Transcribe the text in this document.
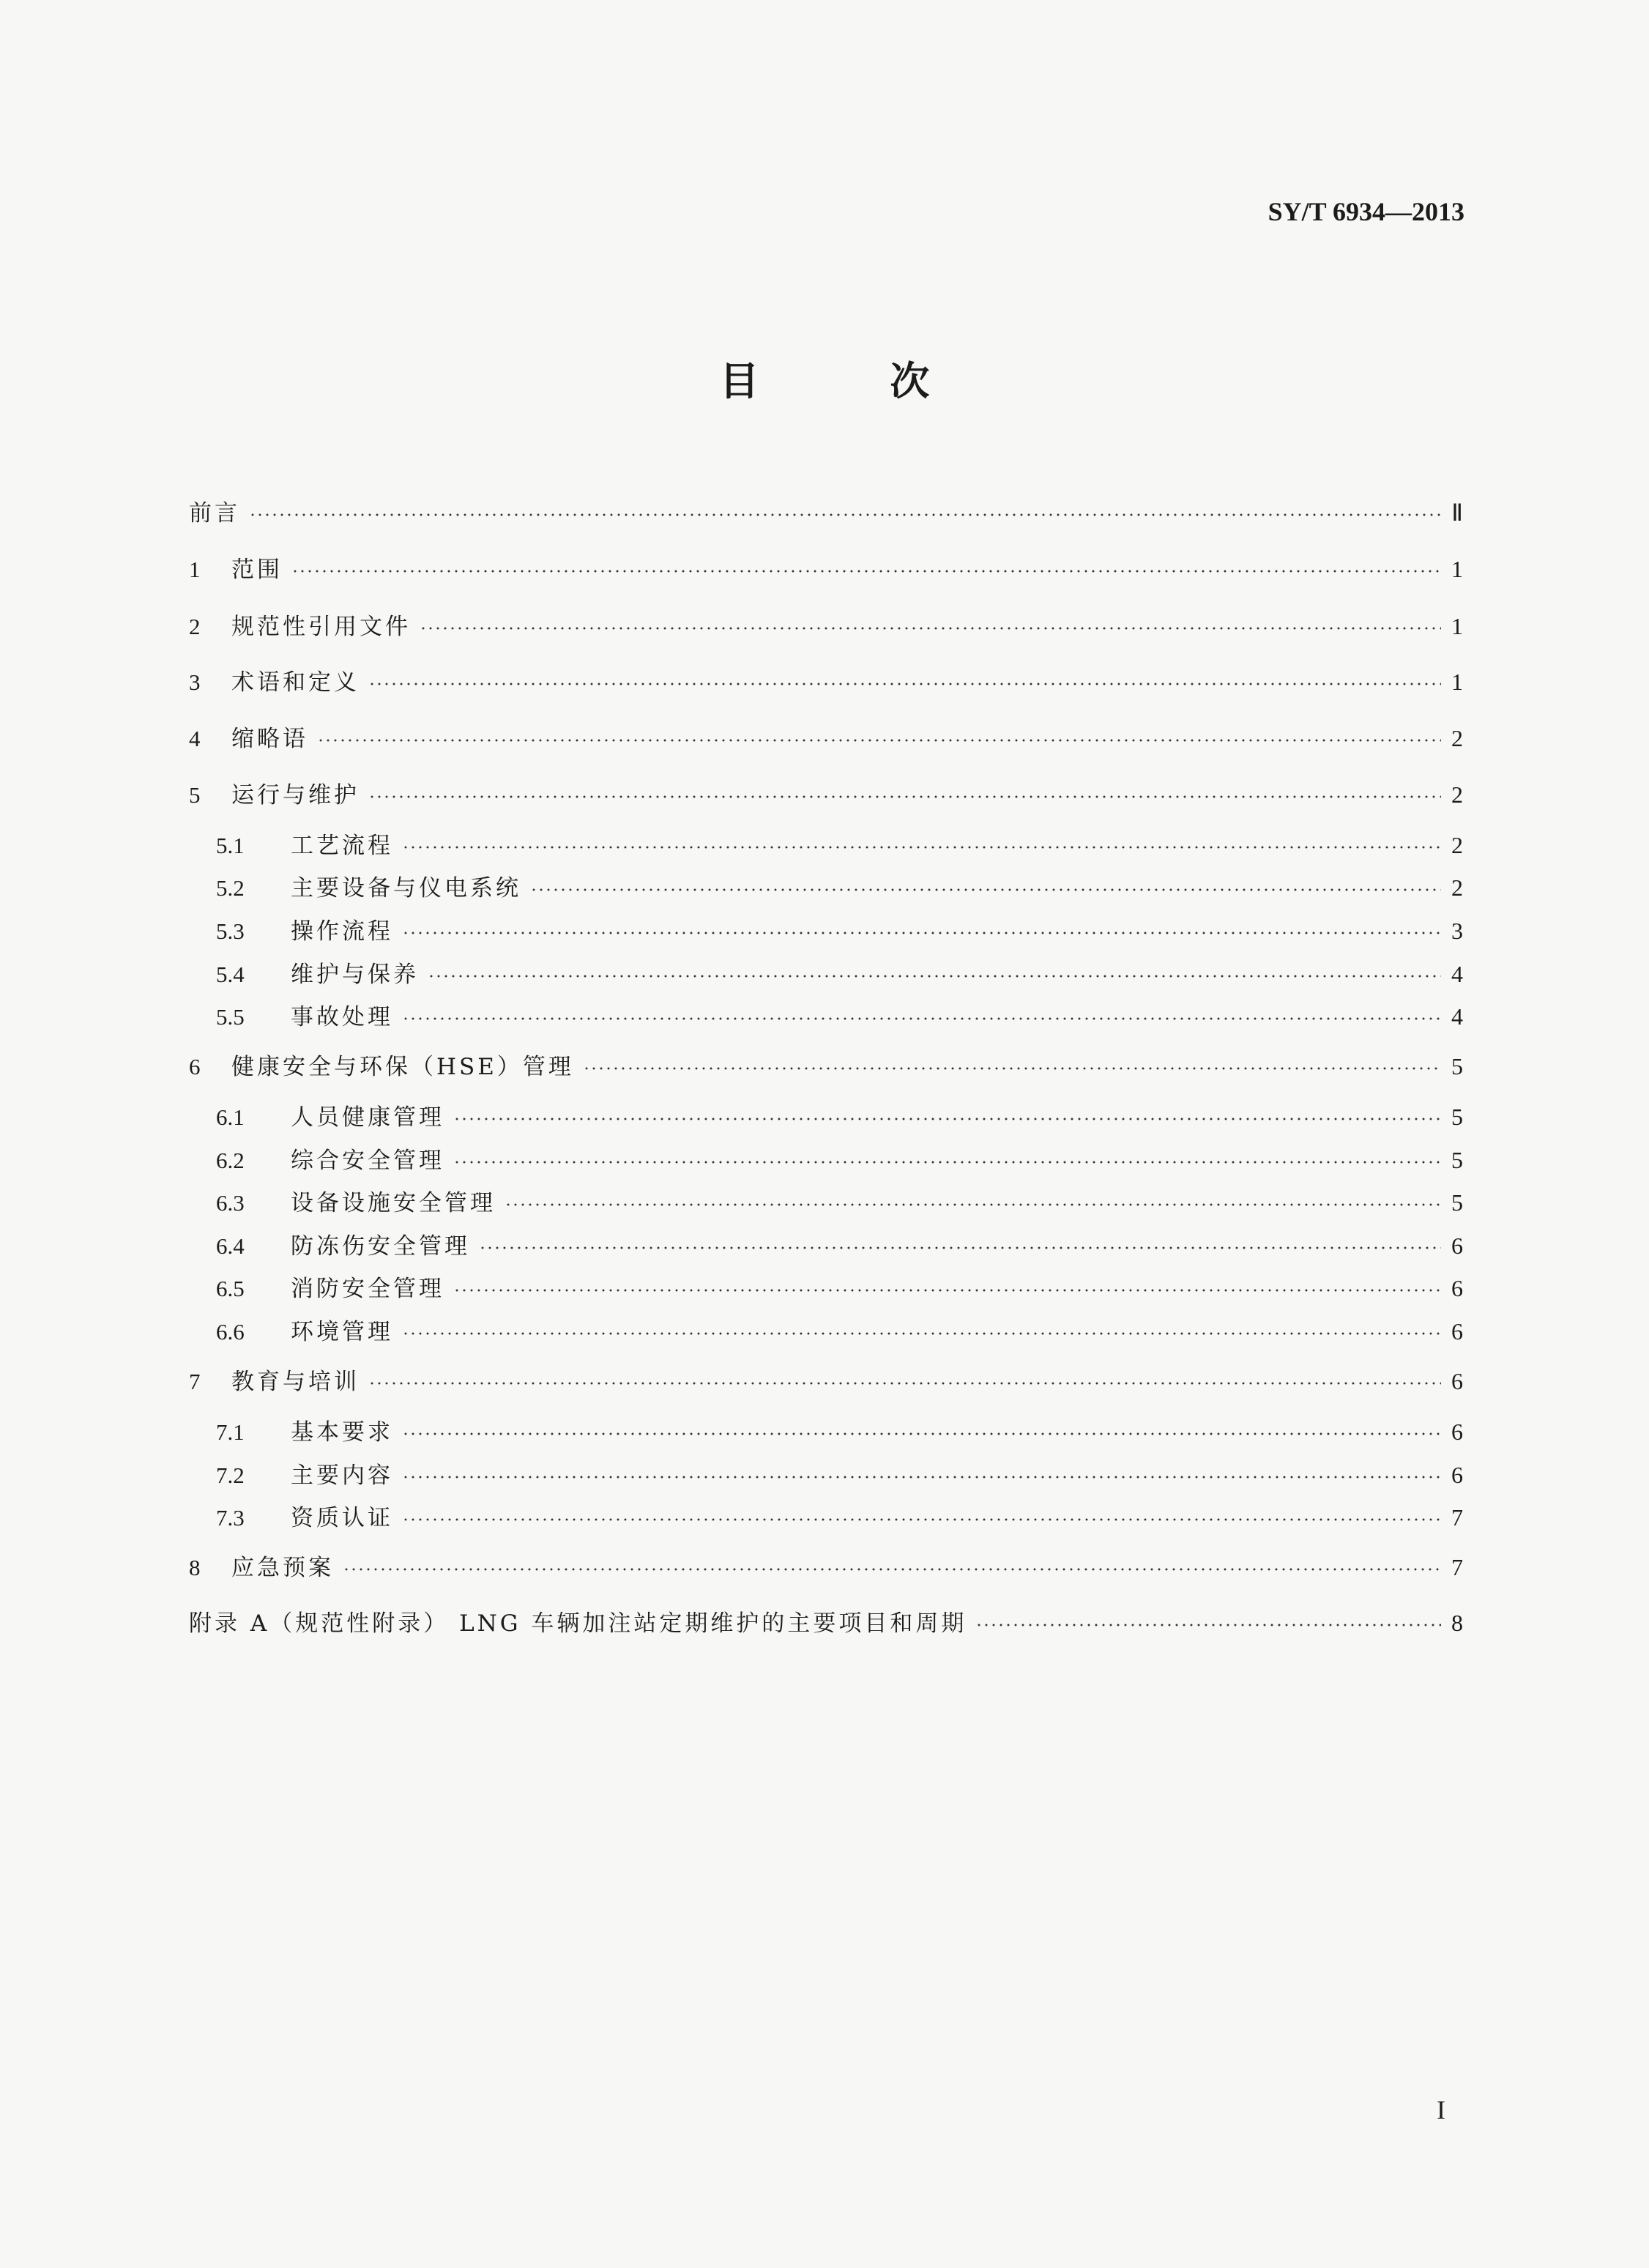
SY/T 6934—2013
目 次
前言	Ⅱ
1	范围	1
2	规范性引用文件	1
3	术语和定义	1
4	缩略语	2
5	运行与维护	2
5.1	工艺流程	2
5.2	主要设备与仪电系统	2
5.3	操作流程	3
5.4	维护与保养	4
5.5	事故处理	4
6	健康安全与环保（HSE）管理	5
6.1	人员健康管理	5
6.2	综合安全管理	5
6.3	设备设施安全管理	5
6.4	防冻伤安全管理	6
6.5	消防安全管理	6
6.6	环境管理	6
7	教育与培训	6
7.1	基本要求	6
7.2	主要内容	6
7.3	资质认证	7
8	应急预案	7
附录 A（规范性附录） LNG 车辆加注站定期维护的主要项目和周期	8
I
